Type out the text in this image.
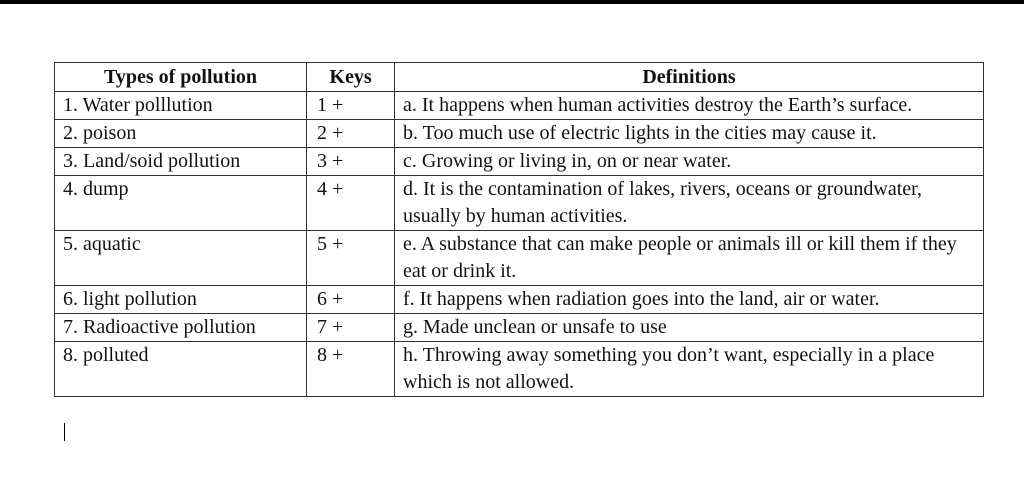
Types of pollution	Keys	Definitions
1. Water polllution	1 +	a. It happens when human activities destroy the Earth’s surface.
2. poison	2 +	b. Too much use of electric lights in the cities may cause it.
3. Land/soid pollution	3 +	c. Growing or living in, on or near water.
4. dump	4 +	d. It is the contamination of lakes, rivers, oceans or groundwater, usually by human activities.
5. aquatic	5 +	e. A substance that can make people or animals ill or kill them if they eat or drink it.
6. light pollution	6 +	f. It happens when radiation goes into the land, air or water.
7. Radioactive pollution	7 +	g. Made unclean or unsafe to use
8. polluted	8 +	h. Throwing away something you don’t want, especially in a place which is not allowed.
